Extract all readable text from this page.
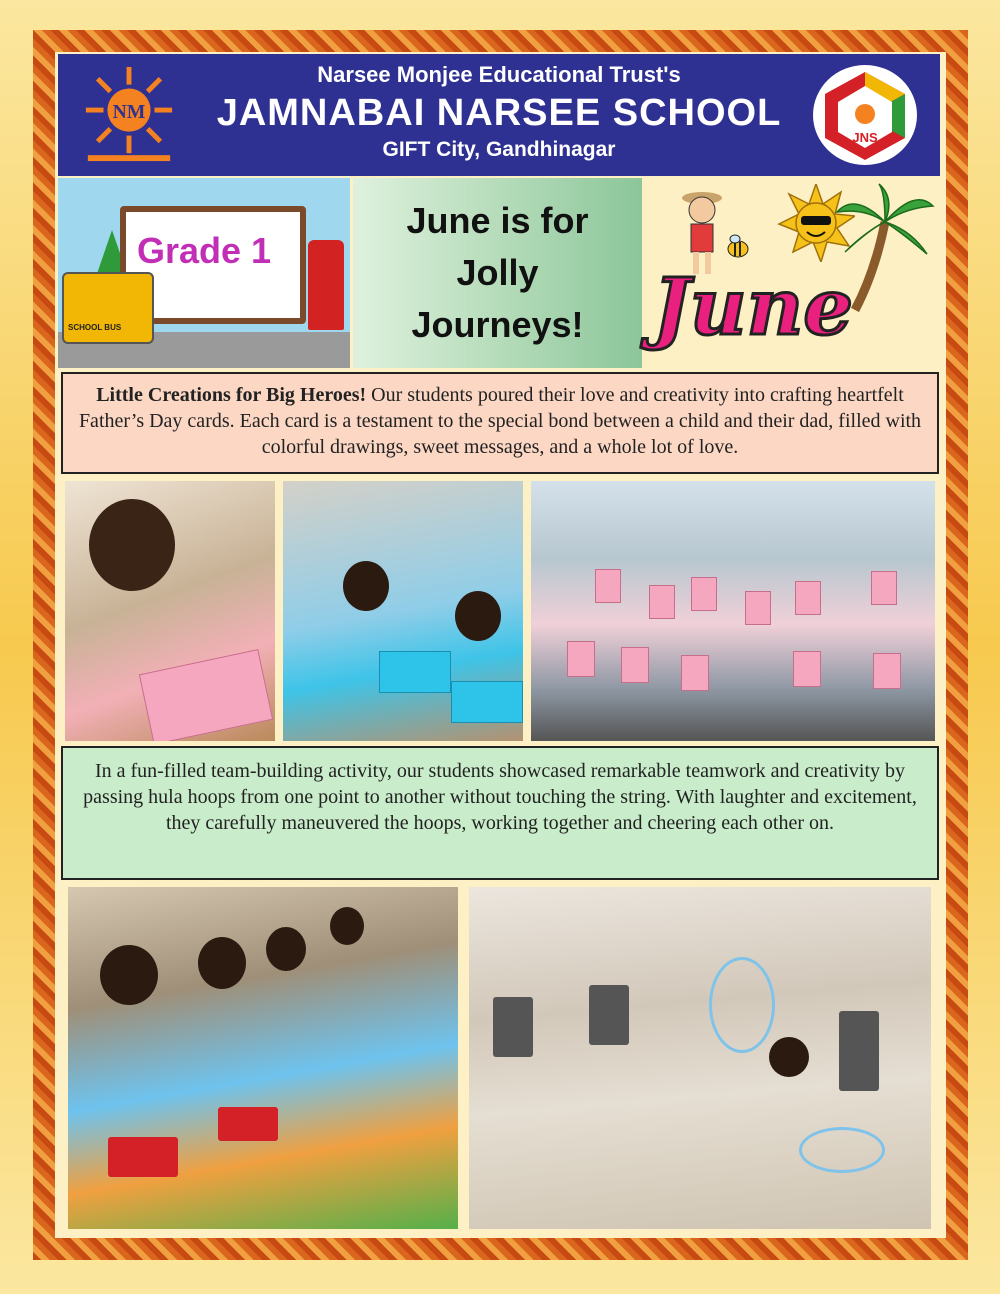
NM
Narsee Monjee Educational Trust's
JAMNABAI NARSEE SCHOOL
GIFT City, Gandhinagar
JNS
Grade 1
SCHOOL BUS
June is for
Jolly
Journeys! June
Little Creations for Big Heroes! Our students poured their love and creativity into crafting heartfelt Father’s Day cards. Each card is a testament to the special bond between a child and their dad, filled with colorful drawings, sweet messages, and a whole lot of love.
In a fun-filled team-building activity, our students showcased remarkable teamwork and creativity by passing hula hoops from one point to another without touching the string. With laughter and excitement, they carefully maneuvered the hoops, working together and cheering each other on.
